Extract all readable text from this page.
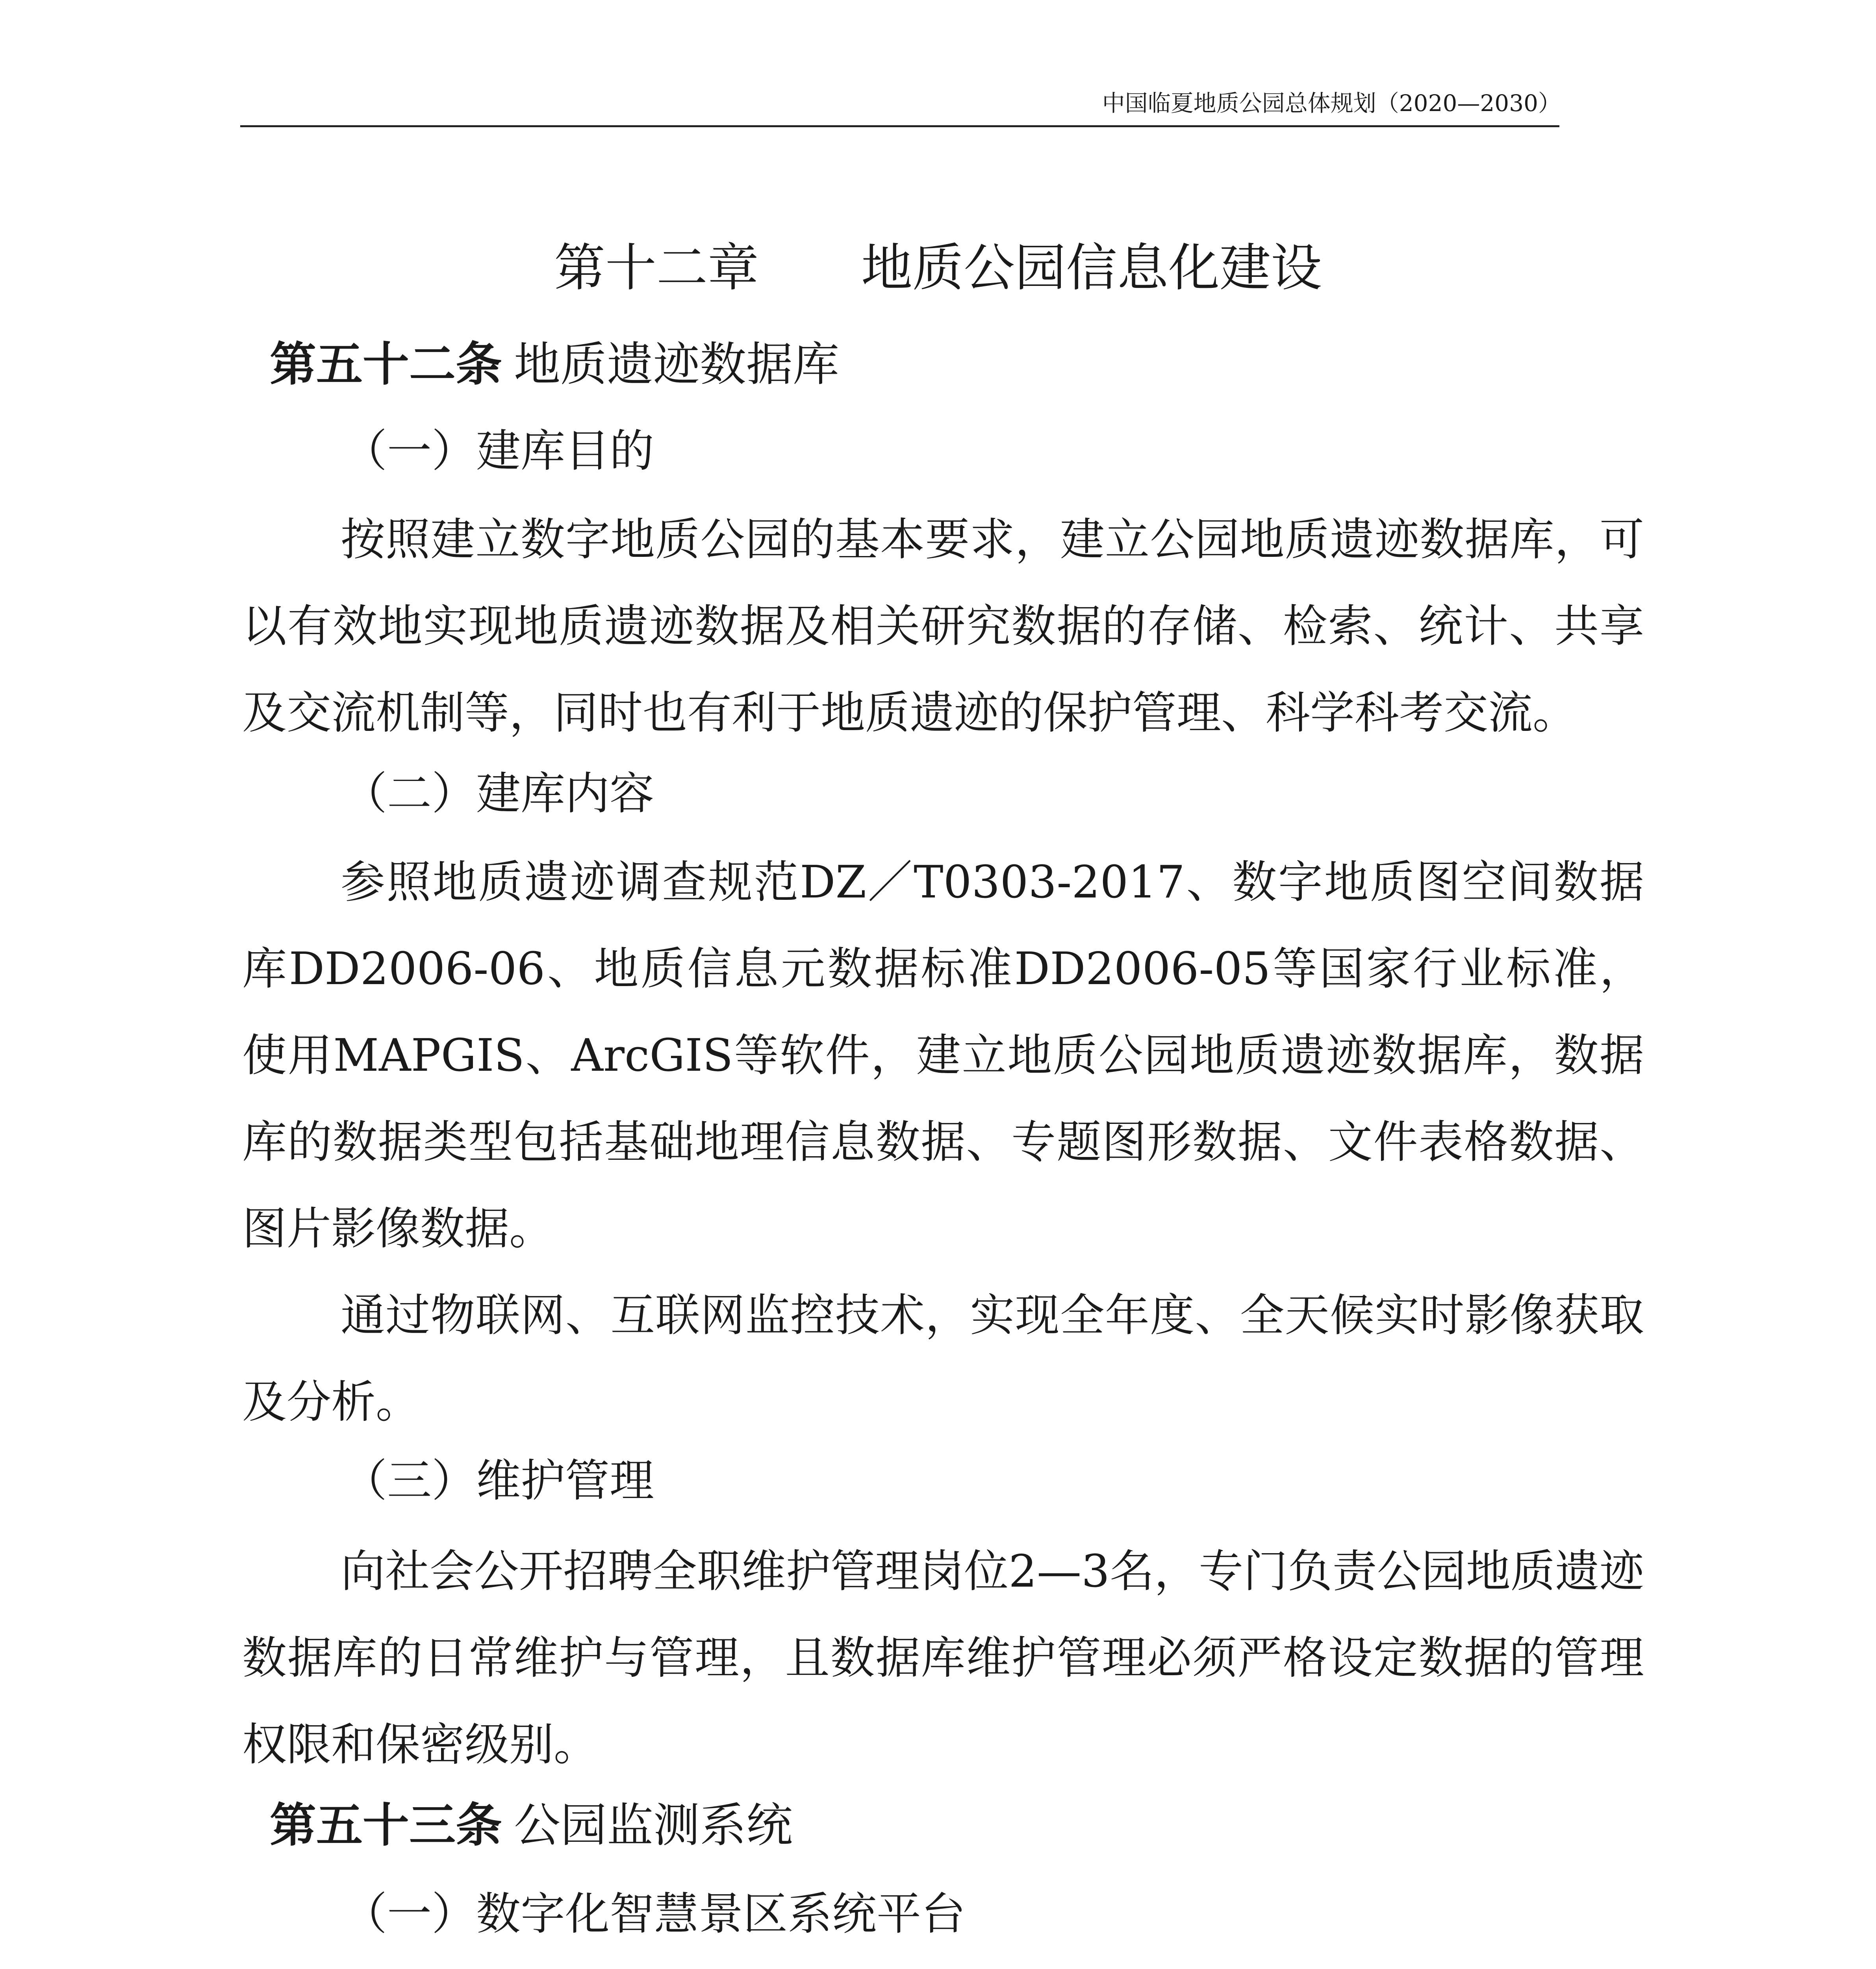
中国临夏地质公园总体规划（2020—2030）
第十二章 地质公园信息化建设
第五十二条 地质遗迹数据库
（一）建库目的

按照建立数字地质公园的基本要求，建立公园地质遗迹数据库，可以有效地实现地质遗迹数据及相关研究数据的存储、检索、统计、共享及交流机制等，同时也有利于地质遗迹的保护管理、科学科考交流。

（二）建库内容

参照地质遗迹调查规范DZ／T0303-2017、数字地质图空间数据库DD2006-06、地质信息元数据标准DD2006-05等国家行业标准，使用MAPGIS、ArcGIS等软件，建立地质公园地质遗迹数据库，数据库的数据类型包括基础地理信息数据、专题图形数据、文件表格数据、图片影像数据。

通过物联网、互联网监控技术，实现全年度、全天候实时影像获取及分析。

（三）维护管理

向社会公开招聘全职维护管理岗位2—3名，专门负责公园地质遗迹数据库的日常维护与管理，且数据库维护管理必须严格设定数据的管理权限和保密级别。

第五十三条 公园监测系统
（一）数字化智慧景区系统平台
